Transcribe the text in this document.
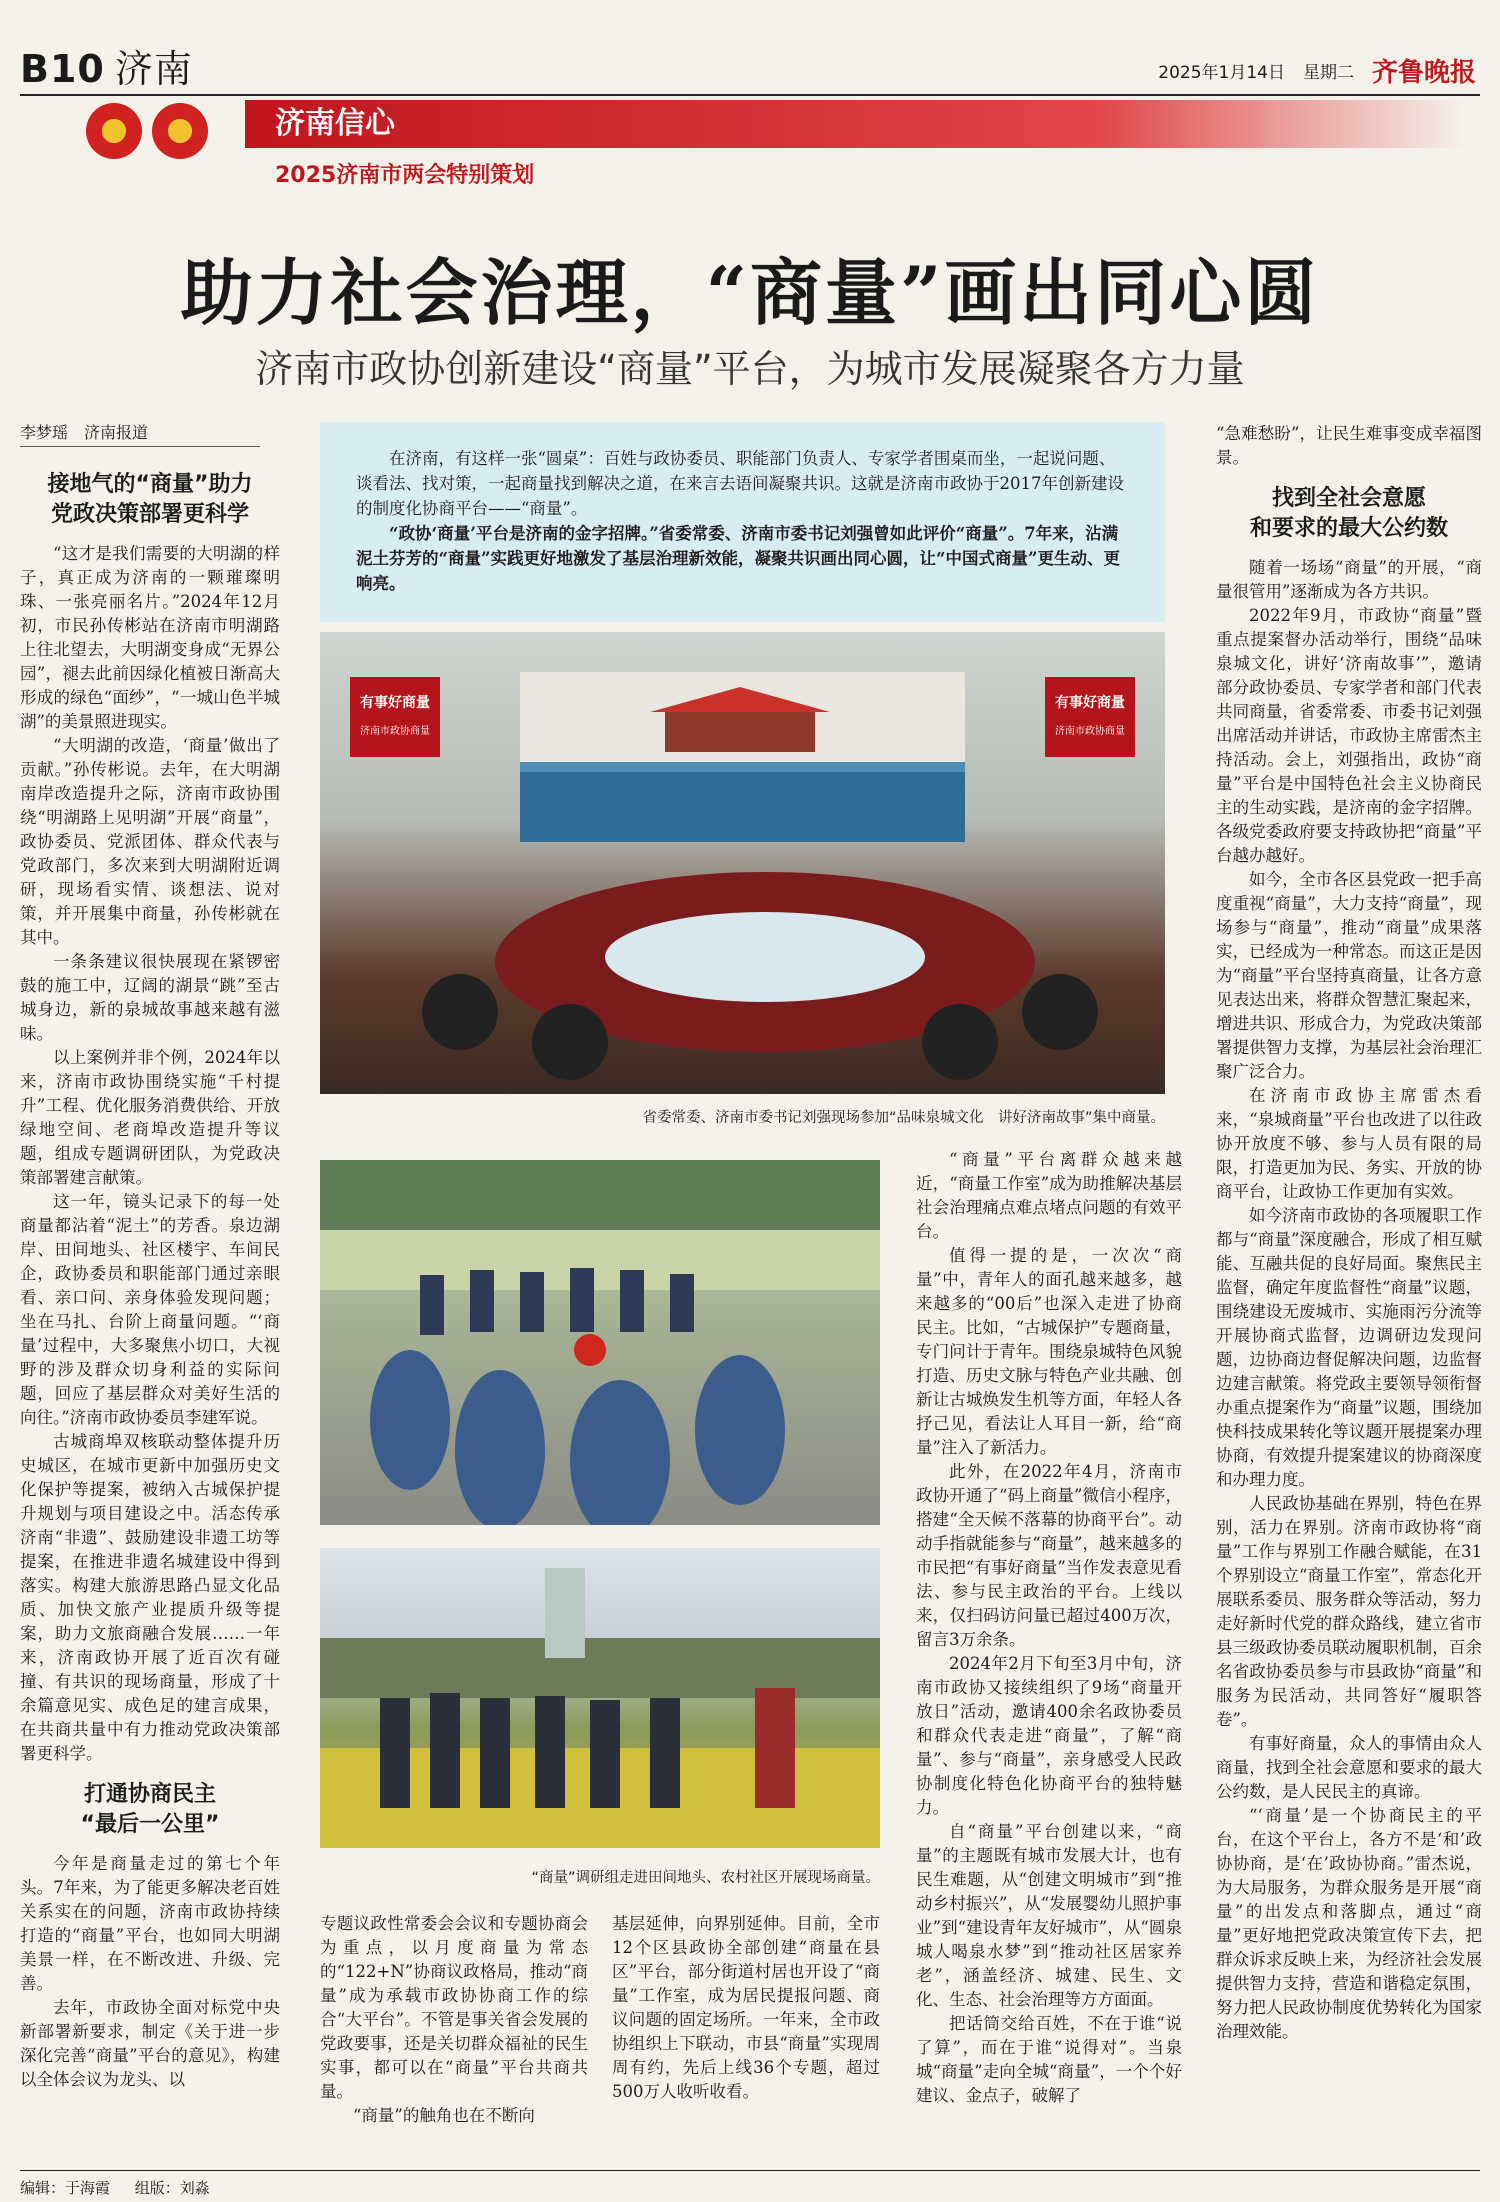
B10 济南	2025年1月14日 星期二 齐鲁晚报
济南信心
2025济南市两会特别策划
助力社会治理，“商量”画出同心圆
济南市政协创新建设“商量”平台，为城市发展凝聚各方力量
李梦瑶　济南报道

在济南，有这样一张“圆桌”：百姓与政协委员、职能部门负责人、专家学者围桌而坐，一起说问题、谈看法、找对策，一起商量找到解决之道，在来言去语间凝聚共识。这就是济南市政协于2017年创新建设的制度化协商平台——“商量”。

“政协‘商量’平台是济南的金字招牌。”省委常委、济南市委书记刘强曾如此评价“商量”。7年来，沾满泥土芬芳的“商量”实践更好地激发了基层治理新效能，凝聚共识画出同心圆，让“中国式商量”更生动、更响亮。

接地气的“商量”助力
党政决策部署更科学

“这才是我们需要的大明湖的样子，真正成为济南的一颗璀璨明珠、一张亮丽名片。”2024年12月初，市民孙传彬站在济南市明湖路上往北望去，大明湖变身成“无界公园”，褪去此前因绿化植被日渐高大形成的绿色“面纱”，“一城山色半城湖”的美景照进现实。

“大明湖的改造，‘商量’做出了贡献。”孙传彬说。去年，在大明湖南岸改造提升之际，济南市政协围绕“明湖路上见明湖”开展“商量”，政协委员、党派团体、群众代表与党政部门，多次来到大明湖附近调研，现场看实情、谈想法、说对策，并开展集中商量，孙传彬就在其中。

一条条建议很快展现在紧锣密鼓的施工中，辽阔的湖景“跳”至古城身边，新的泉城故事越来越有滋味。

以上案例并非个例，2024年以来，济南市政协围绕实施“千村提升”工程、优化服务消费供给、开放绿地空间、老商埠改造提升等议题，组成专题调研团队，为党政决策部署建言献策。

这一年，镜头记录下的每一处商量都沾着“泥土”的芳香。泉边湖岸、田间地头、社区楼宇、车间民企，政协委员和职能部门通过亲眼看、亲口问、亲身体验发现问题；坐在马扎、台阶上商量问题。“‘商量’过程中，大多聚焦小切口，大视野的涉及群众切身利益的实际问题，回应了基层群众对美好生活的向往。”济南市政协委员李建军说。

古城商埠双核联动整体提升历史城区，在城市更新中加强历史文化保护等提案，被纳入古城保护提升规划与项目建设之中。活态传承济南“非遗”、鼓励建设非遗工坊等提案，在推进非遗名城建设中得到落实。构建大旅游思路凸显文化品质、加快文旅产业提质升级等提案，助力文旅商融合发展……一年来，济南政协开展了近百次有碰撞、有共识的现场商量，形成了十余篇意见实、成色足的建言成果，在共商共量中有力推动党政决策部署更科学。

打通协商民主
“最后一公里”

今年是商量走过的第七个年头。7年来，为了能更多解决老百姓关系实在的问题，济南市政协持续打造的“商量”平台，也如同大明湖美景一样，在不断改进、升级、完善。

去年，市政协全面对标党中央新部署新要求，制定《关于进一步深化完善“商量”平台的意见》，构建以全体会议为龙头、以

有事好商量
济南市政协商量
有事好商量
济南市政协商量
省委常委、济南市委书记刘强现场参加“品味泉城文化　讲好济南故事”集中商量。
“商量”调研组走进田间地头、农村社区开展现场商量。

专题议政性常委会会议和专题协商会为重点，以月度商量为常态的“122+N”协商议政格局，推动“商量”成为承载市政协协商工作的综合“大平台”。不管是事关省会发展的党政要事，还是关切群众福祉的民生实事，都可以在“商量”平台共商共量。

“商量”的触角也在不断向

基层延伸，向界别延伸。目前，全市12个区县政协全部创建“商量在县区”平台，部分街道村居也开设了“商量”工作室，成为居民提报问题、商议问题的固定场所。一年来，全市政协组织上下联动，市县“商量”实现周周有约，先后上线36个专题，超过500万人收听收看。

“商量”平台离群众越来越近，“商量工作室”成为助推解决基层社会治理痛点难点堵点问题的有效平台。

值得一提的是，一次次“商量”中，青年人的面孔越来越多，越来越多的“00后”也深入走进了协商民主。比如，“古城保护”专题商量，专门问计于青年。围绕泉城特色风貌打造、历史文脉与特色产业共融、创新让古城焕发生机等方面，年轻人各抒己见，看法让人耳目一新，给“商量”注入了新活力。

此外，在2022年4月，济南市政协开通了“码上商量”微信小程序，搭建“全天候不落幕的协商平台”。动动手指就能参与“商量”，越来越多的市民把“有事好商量”当作发表意见看法、参与民主政治的平台。上线以来，仅扫码访问量已超过400万次，留言3万余条。

2024年2月下旬至3月中旬，济南市政协又接续组织了9场“商量开放日”活动，邀请400余名政协委员和群众代表走进“商量”，了解“商量”、参与“商量”，亲身感受人民政协制度化特色化协商平台的独特魅力。

自“商量”平台创建以来，“商量”的主题既有城市发展大计，也有民生难题，从“创建文明城市”到“推动乡村振兴”，从“发展婴幼儿照护事业”到“建设青年友好城市”，从“圆泉城人喝泉水梦”到“推动社区居家养老”，涵盖经济、城建、民生、文化、生态、社会治理等方方面面。

把话筒交给百姓，不在于谁“说了算”，而在于谁“说得对”。当泉城“商量”走向全城“商量”，一个个好建议、金点子，破解了

“急难愁盼”，让民生难事变成幸福图景。

找到全社会意愿
和要求的最大公约数

随着一场场“商量”的开展，“商量很管用”逐渐成为各方共识。

2022年9月，市政协“商量”暨重点提案督办活动举行，围绕“品味泉城文化，讲好‘济南故事’”，邀请部分政协委员、专家学者和部门代表共同商量，省委常委、市委书记刘强出席活动并讲话，市政协主席雷杰主持活动。会上，刘强指出，政协“商量”平台是中国特色社会主义协商民主的生动实践，是济南的金字招牌。各级党委政府要支持政协把“商量”平台越办越好。

如今，全市各区县党政一把手高度重视“商量”，大力支持“商量”，现场参与“商量”，推动“商量”成果落实，已经成为一种常态。而这正是因为“商量”平台坚持真商量，让各方意见表达出来，将群众智慧汇聚起来，增进共识、形成合力，为党政决策部署提供智力支撑，为基层社会治理汇聚广泛合力。

在济南市政协主席雷杰看来，“泉城商量”平台也改进了以往政协开放度不够、参与人员有限的局限，打造更加为民、务实、开放的协商平台，让政协工作更加有实效。

如今济南市政协的各项履职工作都与“商量”深度融合，形成了相互赋能、互融共促的良好局面。聚焦民主监督，确定年度监督性“商量”议题，围绕建设无废城市、实施雨污分流等开展协商式监督，边调研边发现问题，边协商边督促解决问题，边监督边建言献策。将党政主要领导领衔督办重点提案作为“商量”议题，围绕加快科技成果转化等议题开展提案办理协商，有效提升提案建议的协商深度和办理力度。

人民政协基础在界别，特色在界别，活力在界别。济南市政协将“商量”工作与界别工作融合赋能，在31个界别设立“商量工作室”，常态化开展联系委员、服务群众等活动，努力走好新时代党的群众路线，建立省市县三级政协委员联动履职机制，百余名省政协委员参与市县政协“商量”和服务为民活动，共同答好“履职答卷”。

有事好商量，众人的事情由众人商量，找到全社会意愿和要求的最大公约数，是人民民主的真谛。

“‘商量’是一个协商民主的平台，在这个平台上，各方不是‘和’政协协商，是‘在’政协协商。”雷杰说，为大局服务，为群众服务是开展“商量”的出发点和落脚点，通过“商量”更好地把党政决策宣传下去，把群众诉求反映上来，为经济社会发展提供智力支持，营造和谐稳定氛围，努力把人民政协制度优势转化为国家治理效能。

编辑：于海霞 组版：刘淼
